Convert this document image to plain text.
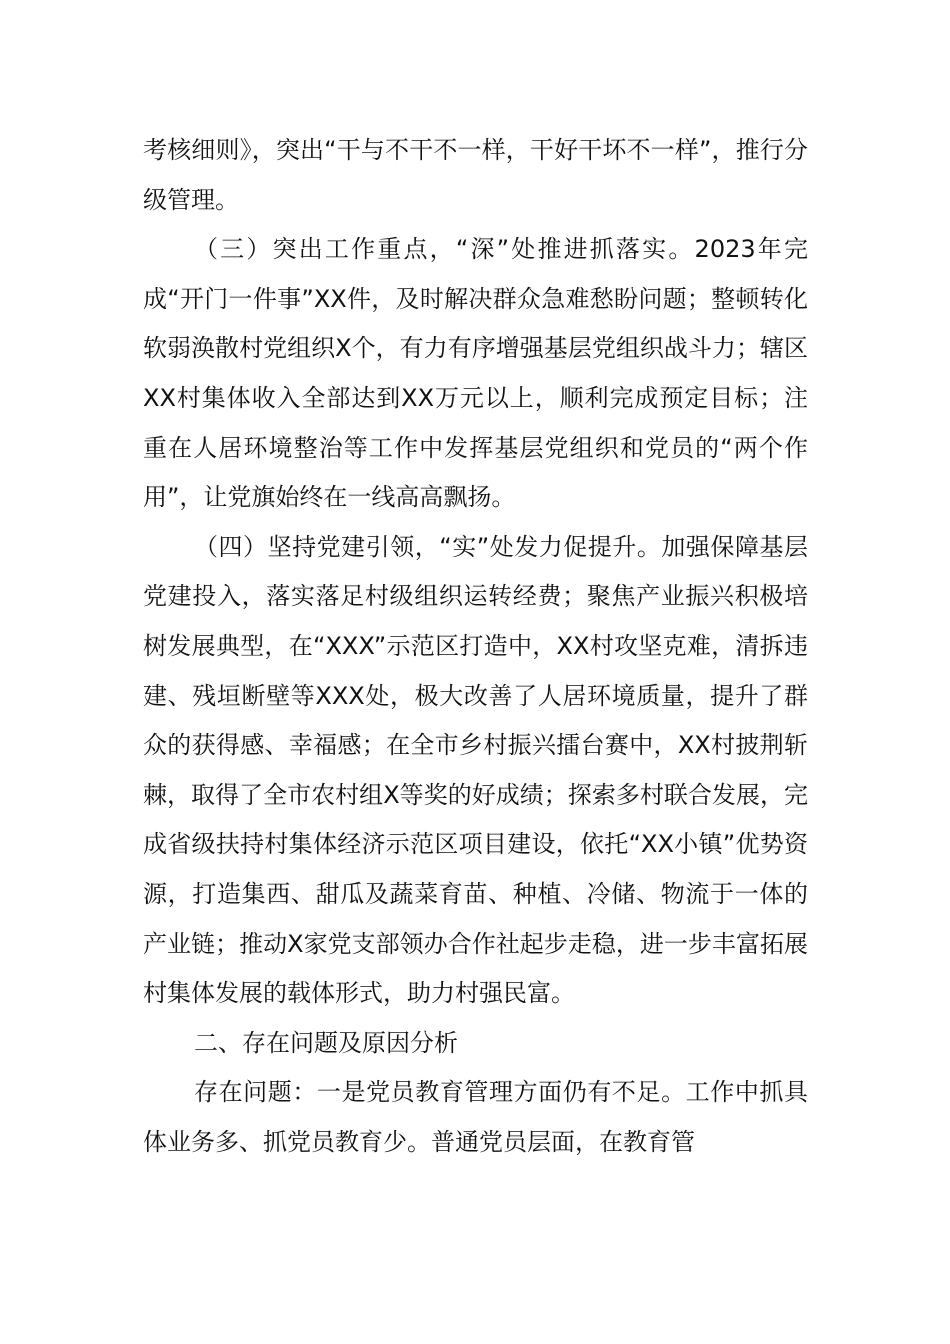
考核细则》，突出“干与不干不一样，干好干坏不一样”，推行分级管理。

（三）突出工作重点，“深”处推进抓落实。2023年完成“开门一件事”XX件，及时解决群众急难愁盼问题；整顿转化软弱涣散村党组织X个，有力有序增强基层党组织战斗力；辖区XX村集体收入全部达到XX万元以上，顺利完成预定目标；注重在人居环境整治等工作中发挥基层党组织和党员的“两个作用”，让党旗始终在一线高高飘扬。

（四）坚持党建引领，“实”处发力促提升。加强保障基层党建投入，落实落足村级组织运转经费；聚焦产业振兴积极培树发展典型，在“XXX”示范区打造中，XX村攻坚克难，清拆违建、残垣断壁等XXX处，极大改善了人居环境质量，提升了群众的获得感、幸福感；在全市乡村振兴擂台赛中，XX村披荆斩棘，取得了全市农村组X等奖的好成绩；探索多村联合发展，完成省级扶持村集体经济示范区项目建设，依托“XX小镇”优势资源，打造集西、甜瓜及蔬菜育苗、种植、冷储、物流于一体的产业链；推动X家党支部领办合作社起步走稳，进一步丰富拓展村集体发展的载体形式，助力村强民富。

二、存在问题及原因分析

存在问题：一是党员教育管理方面仍有不足。工作中抓具体业务多、抓党员教育少。普通党员层面，在教育管
